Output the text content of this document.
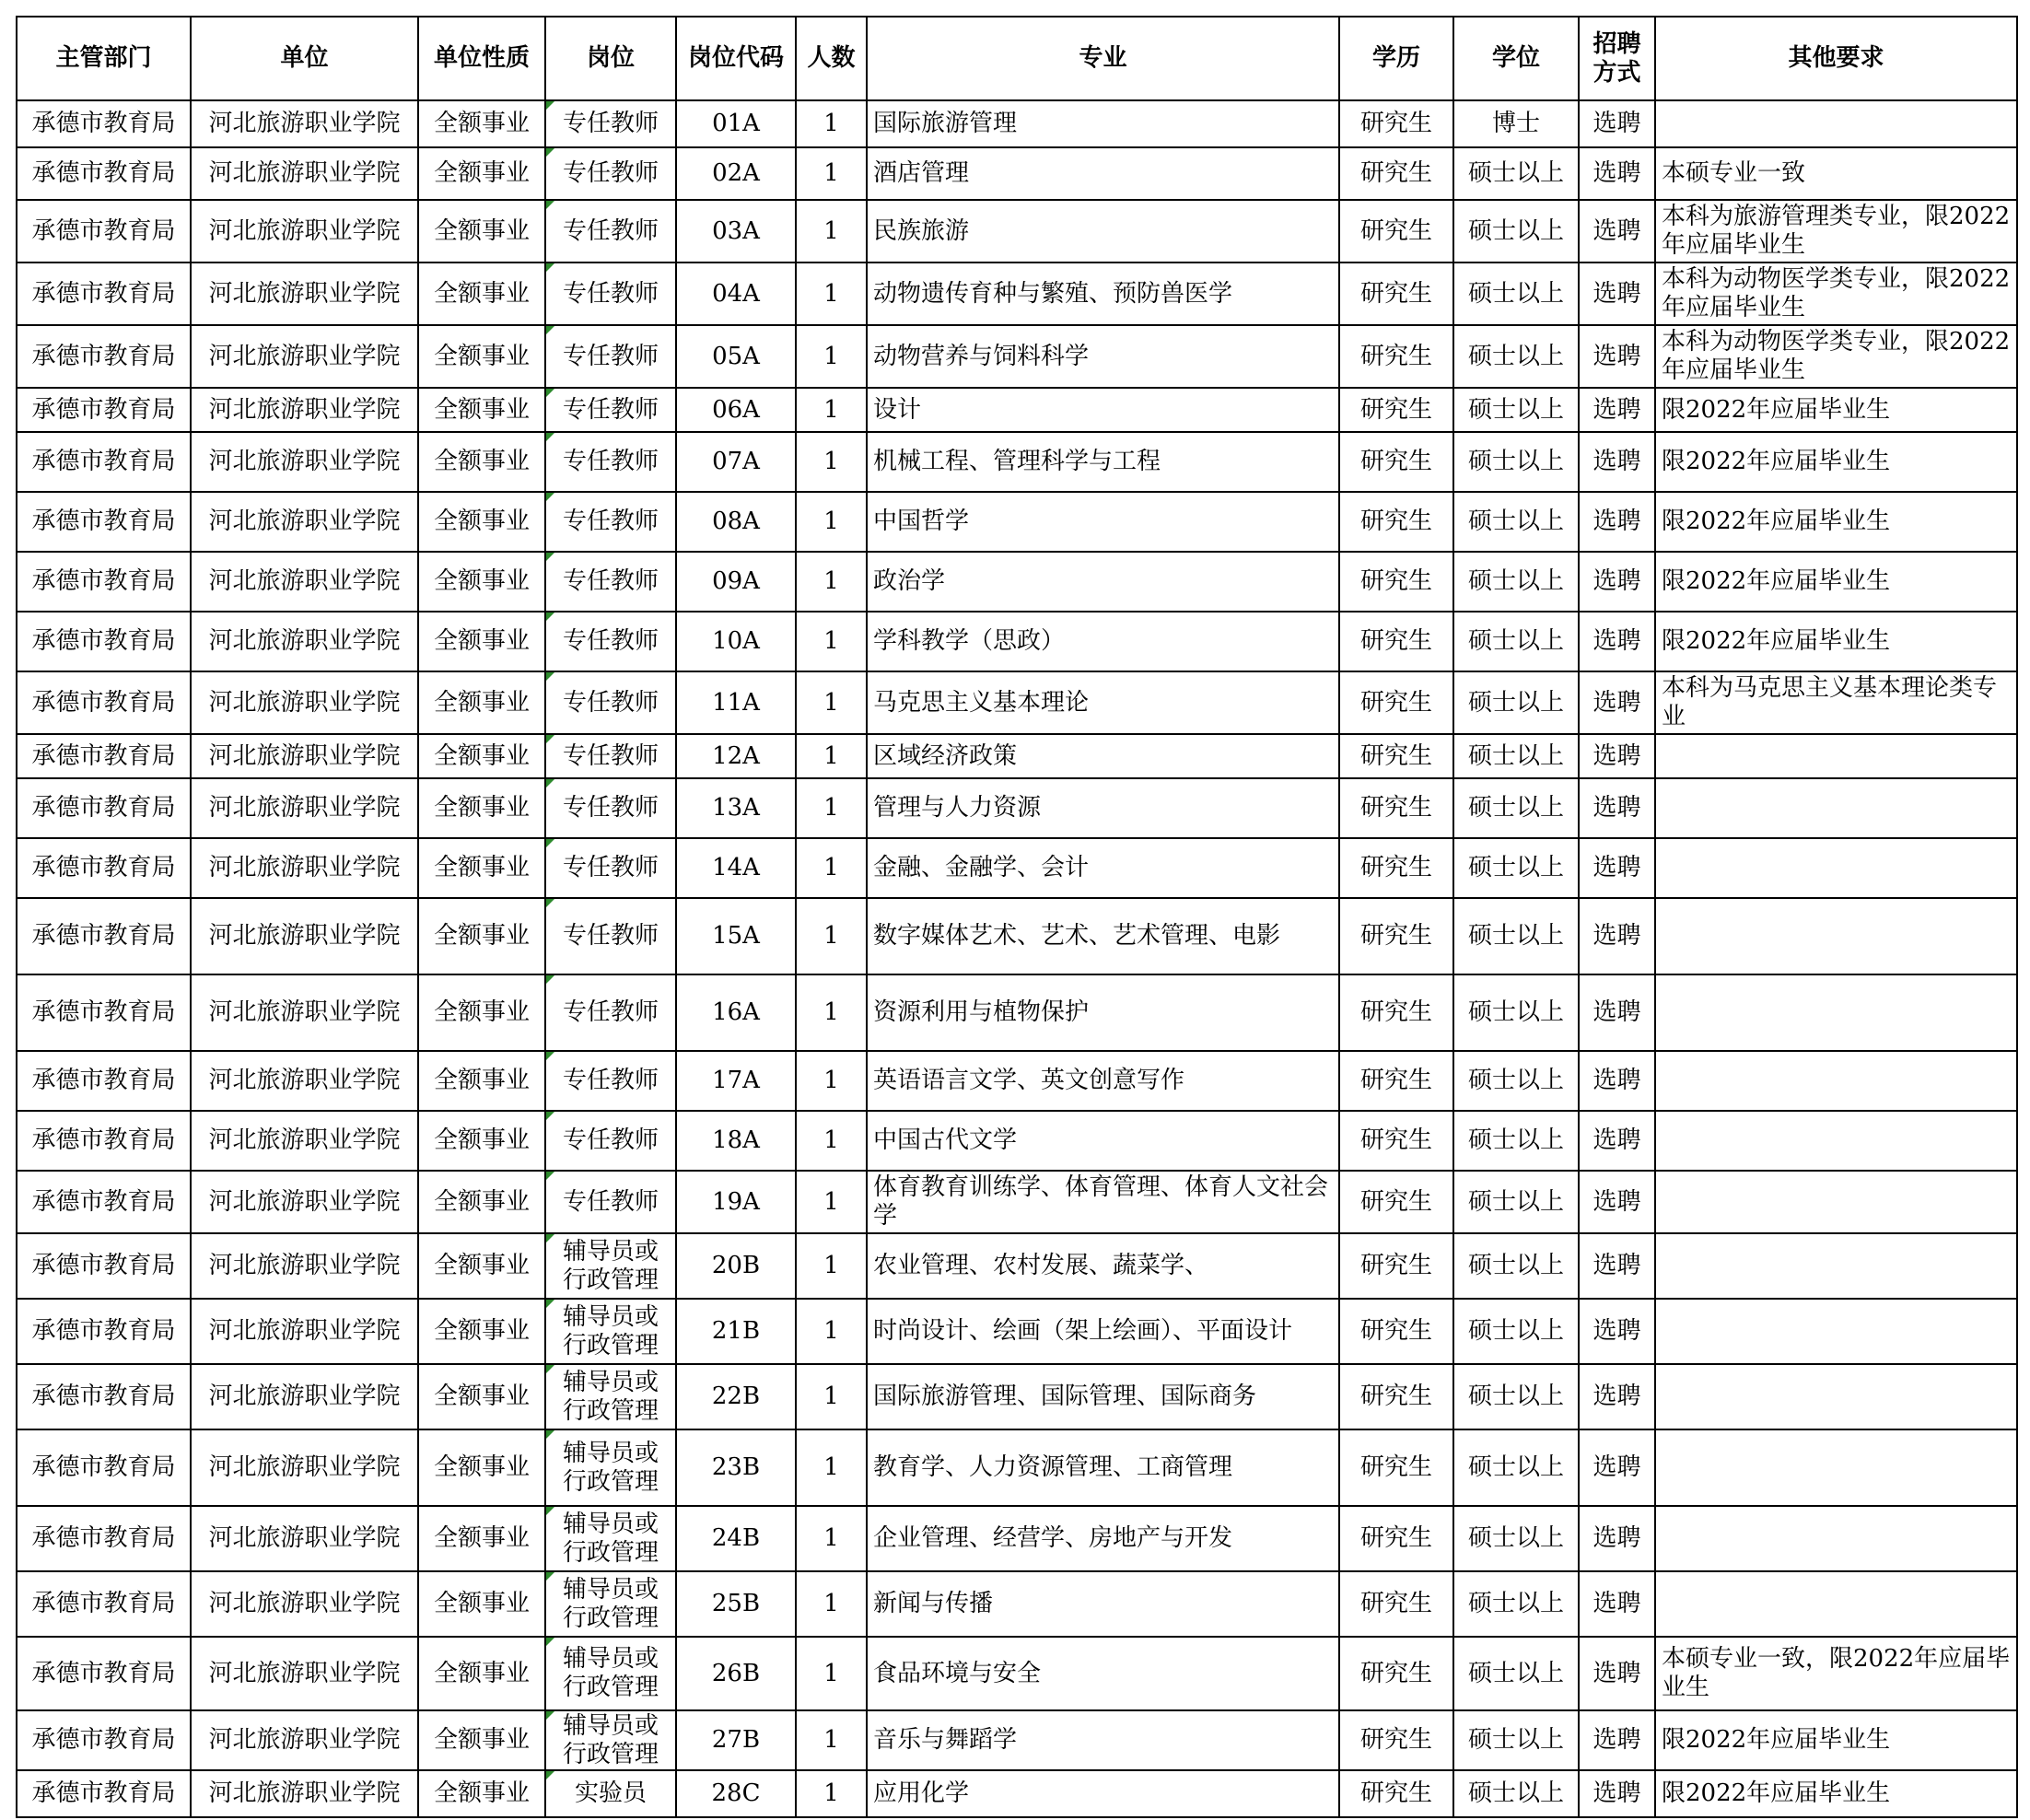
主管部门	单位	单位性质	岗位	岗位代码	人数	专业	学历	学位	招聘方式	其他要求
承德市教育局	河北旅游职业学院	全额事业	专任教师	01A	1	国际旅游管理	研究生	博士	选聘	
承德市教育局	河北旅游职业学院	全额事业	专任教师	02A	1	酒店管理	研究生	硕士以上	选聘	本硕专业一致
承德市教育局	河北旅游职业学院	全额事业	专任教师	03A	1	民族旅游	研究生	硕士以上	选聘	本科为旅游管理类专业，限2022年应届毕业生
承德市教育局	河北旅游职业学院	全额事业	专任教师	04A	1	动物遗传育种与繁殖、预防兽医学	研究生	硕士以上	选聘	本科为动物医学类专业，限2022年应届毕业生
承德市教育局	河北旅游职业学院	全额事业	专任教师	05A	1	动物营养与饲料科学	研究生	硕士以上	选聘	本科为动物医学类专业，限2022年应届毕业生
承德市教育局	河北旅游职业学院	全额事业	专任教师	06A	1	设计	研究生	硕士以上	选聘	限2022年应届毕业生
承德市教育局	河北旅游职业学院	全额事业	专任教师	07A	1	机械工程、管理科学与工程	研究生	硕士以上	选聘	限2022年应届毕业生
承德市教育局	河北旅游职业学院	全额事业	专任教师	08A	1	中国哲学	研究生	硕士以上	选聘	限2022年应届毕业生
承德市教育局	河北旅游职业学院	全额事业	专任教师	09A	1	政治学	研究生	硕士以上	选聘	限2022年应届毕业生
承德市教育局	河北旅游职业学院	全额事业	专任教师	10A	1	学科教学（思政）	研究生	硕士以上	选聘	限2022年应届毕业生
承德市教育局	河北旅游职业学院	全额事业	专任教师	11A	1	马克思主义基本理论	研究生	硕士以上	选聘	本科为马克思主义基本理论类专业
承德市教育局	河北旅游职业学院	全额事业	专任教师	12A	1	区域经济政策	研究生	硕士以上	选聘	
承德市教育局	河北旅游职业学院	全额事业	专任教师	13A	1	管理与人力资源	研究生	硕士以上	选聘	
承德市教育局	河北旅游职业学院	全额事业	专任教师	14A	1	金融、金融学、会计	研究生	硕士以上	选聘	
承德市教育局	河北旅游职业学院	全额事业	专任教师	15A	1	数字媒体艺术、艺术、艺术管理、电影	研究生	硕士以上	选聘	
承德市教育局	河北旅游职业学院	全额事业	专任教师	16A	1	资源利用与植物保护	研究生	硕士以上	选聘	
承德市教育局	河北旅游职业学院	全额事业	专任教师	17A	1	英语语言文学、英文创意写作	研究生	硕士以上	选聘	
承德市教育局	河北旅游职业学院	全额事业	专任教师	18A	1	中国古代文学	研究生	硕士以上	选聘	
承德市教育局	河北旅游职业学院	全额事业	专任教师	19A	1	体育教育训练学、体育管理、体育人文社会学	研究生	硕士以上	选聘	
承德市教育局	河北旅游职业学院	全额事业	辅导员或行政管理	20B	1	农业管理、农村发展、蔬菜学、	研究生	硕士以上	选聘	
承德市教育局	河北旅游职业学院	全额事业	辅导员或行政管理	21B	1	时尚设计、绘画（架上绘画）、平面设计	研究生	硕士以上	选聘	
承德市教育局	河北旅游职业学院	全额事业	辅导员或行政管理	22B	1	国际旅游管理、国际管理、国际商务	研究生	硕士以上	选聘	
承德市教育局	河北旅游职业学院	全额事业	辅导员或行政管理	23B	1	教育学、人力资源管理、工商管理	研究生	硕士以上	选聘	
承德市教育局	河北旅游职业学院	全额事业	辅导员或行政管理	24B	1	企业管理、经营学、房地产与开发	研究生	硕士以上	选聘	
承德市教育局	河北旅游职业学院	全额事业	辅导员或行政管理	25B	1	新闻与传播	研究生	硕士以上	选聘	
承德市教育局	河北旅游职业学院	全额事业	辅导员或行政管理	26B	1	食品环境与安全	研究生	硕士以上	选聘	本硕专业一致，限2022年应届毕业生
承德市教育局	河北旅游职业学院	全额事业	辅导员或行政管理	27B	1	音乐与舞蹈学	研究生	硕士以上	选聘	限2022年应届毕业生
承德市教育局	河北旅游职业学院	全额事业	实验员	28C	1	应用化学	研究生	硕士以上	选聘	限2022年应届毕业生
